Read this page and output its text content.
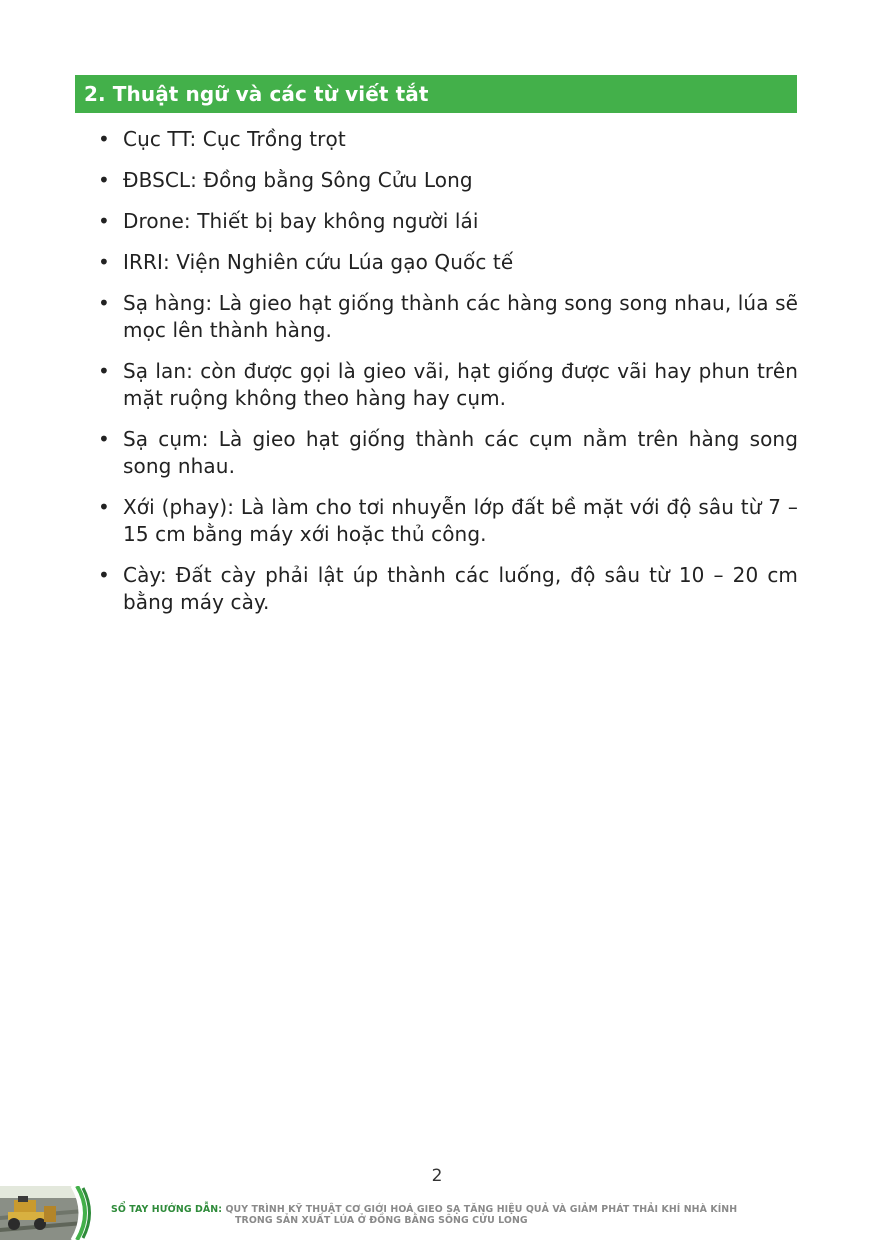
2. Thuật ngữ và các từ viết tắt
• Cục TT: Cục Trồng trọt
• ĐBSCL: Đồng bằng Sông Cửu Long
• Drone: Thiết bị bay không người lái
• IRRI: Viện Nghiên cứu Lúa gạo Quốc tế
• Sạ hàng: Là gieo hạt giống thành các hàng song song nhau, lúa sẽ mọc lên thành hàng.
• Sạ lan: còn được gọi là gieo vãi, hạt giống được vãi hay phun trên mặt ruộng không theo hàng hay cụm.
• Sạ cụm: Là gieo hạt giống thành các cụm nằm trên hàng song song nhau.
• Xới (phay): Là làm cho tơi nhuyễn lớp đất bề mặt với độ sâu từ 7 – 15 cm bằng máy xới hoặc thủ công.
• Cày: Đất cày phải lật úp thành các luống, độ sâu từ 10 – 20 cm bằng máy cày.
2
SỔ TAY HƯỚNG DẪN: QUY TRÌNH KỸ THUẬT CƠ GIỚI HOÁ GIEO SẠ TĂNG HIỆU QUẢ VÀ GIẢM PHÁT THẢI KHÍ NHÀ KÍNH
TRONG SẢN XUẤT LÚA Ở ĐỒNG BẰNG SÔNG CỬU LONG
